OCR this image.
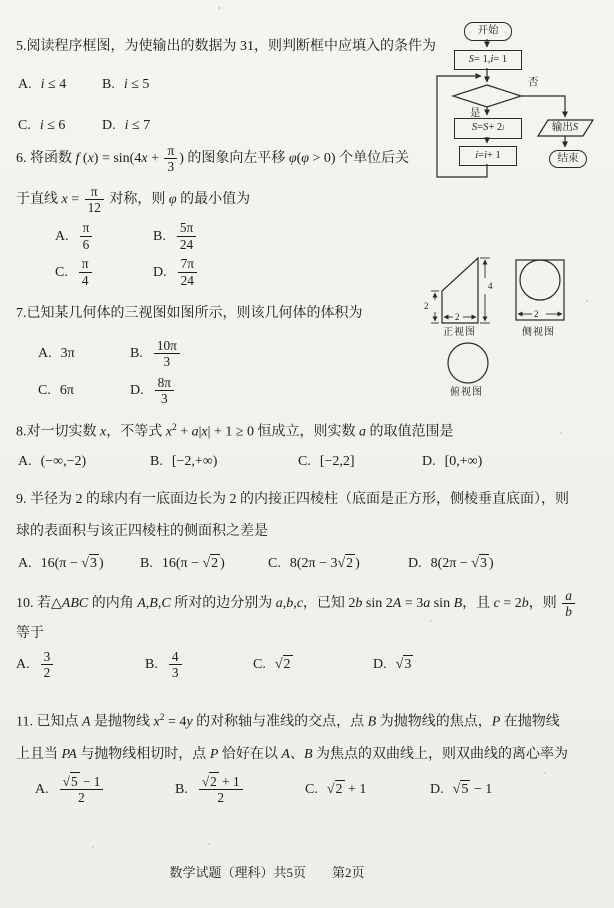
5.阅读程序框图，为使输出的数据为 31，则判断框中应填入的条件为

A. i ≤ 4	B. i ≤ 5
C. i ≤ 6	D. i ≤ 7
开始
S = 1, i = 1
是
否
S = S + 2 i
i = i + 1
输出 S
结束

6. 将函数 f $(x) = \sin(4x + \frac{\pi}{3}$ ) 的图象向左平移 φ(φ > 0) 个单位后关

于直线 $x = \frac{\pi}{12}$ 对称，则 φ 的最小值为

A. $\frac{\pi}{6}$	B. $\frac{5\pi}{24}$
C. $\frac{\pi}{4}$	D. $\frac{7\pi}{24}$

7.已知某几何体的三视图如图所示，则该几何体的体积为

A. 3π	B. $\frac{10\pi}{3}$
C. 6π	D. $\frac{8\pi}{3}$
4
2
2	2
正视图	侧视图
俯视图

8.对一切实数 x，不等式 $x^2 + a|x| + 1 \ge 0$ 恒成立，则实数 a 的取值范围是

A. (−∞,−2)	B. [−2,+∞)	C. [−2,2]	D. [0,+∞)

9. 半径为 2 的球内有一底面边长为 2 的内接正四棱柱（底面是正方形，侧棱垂直底面），则

球的表面积与该正四棱柱的侧面积之差是

A. 16(π − √3 )	B. 16(π − √2 )	C. 8(2π − 3√2 )	D. 8(2π − √3 )

10. 若△ABC 的内角 A,B,C 所对的边分别为 a,b,c，已知 2b sin 2A = 3a sin B，且 c = 2b，则 $\frac{a}{b}$

等于

A. $\frac{3}{2}$	B. $\frac{4}{3}$	C. √2	D. √3

11. 已知点 A 是抛物线 $x^2 = 4y$ 的对称轴与准线的交点，点 B 为抛物线的焦点，P 在抛物线

上且当 PA 与抛物线相切时，点 P 恰好在以 A、B 为焦点的双曲线上，则双曲线的离心率为

A. $\frac{√5 - 1}{2}$	B. $\frac{√2 + 1}{2}$	C. √2 + 1	D. √5 − 1
数学试题（理科）共5页 第2页
